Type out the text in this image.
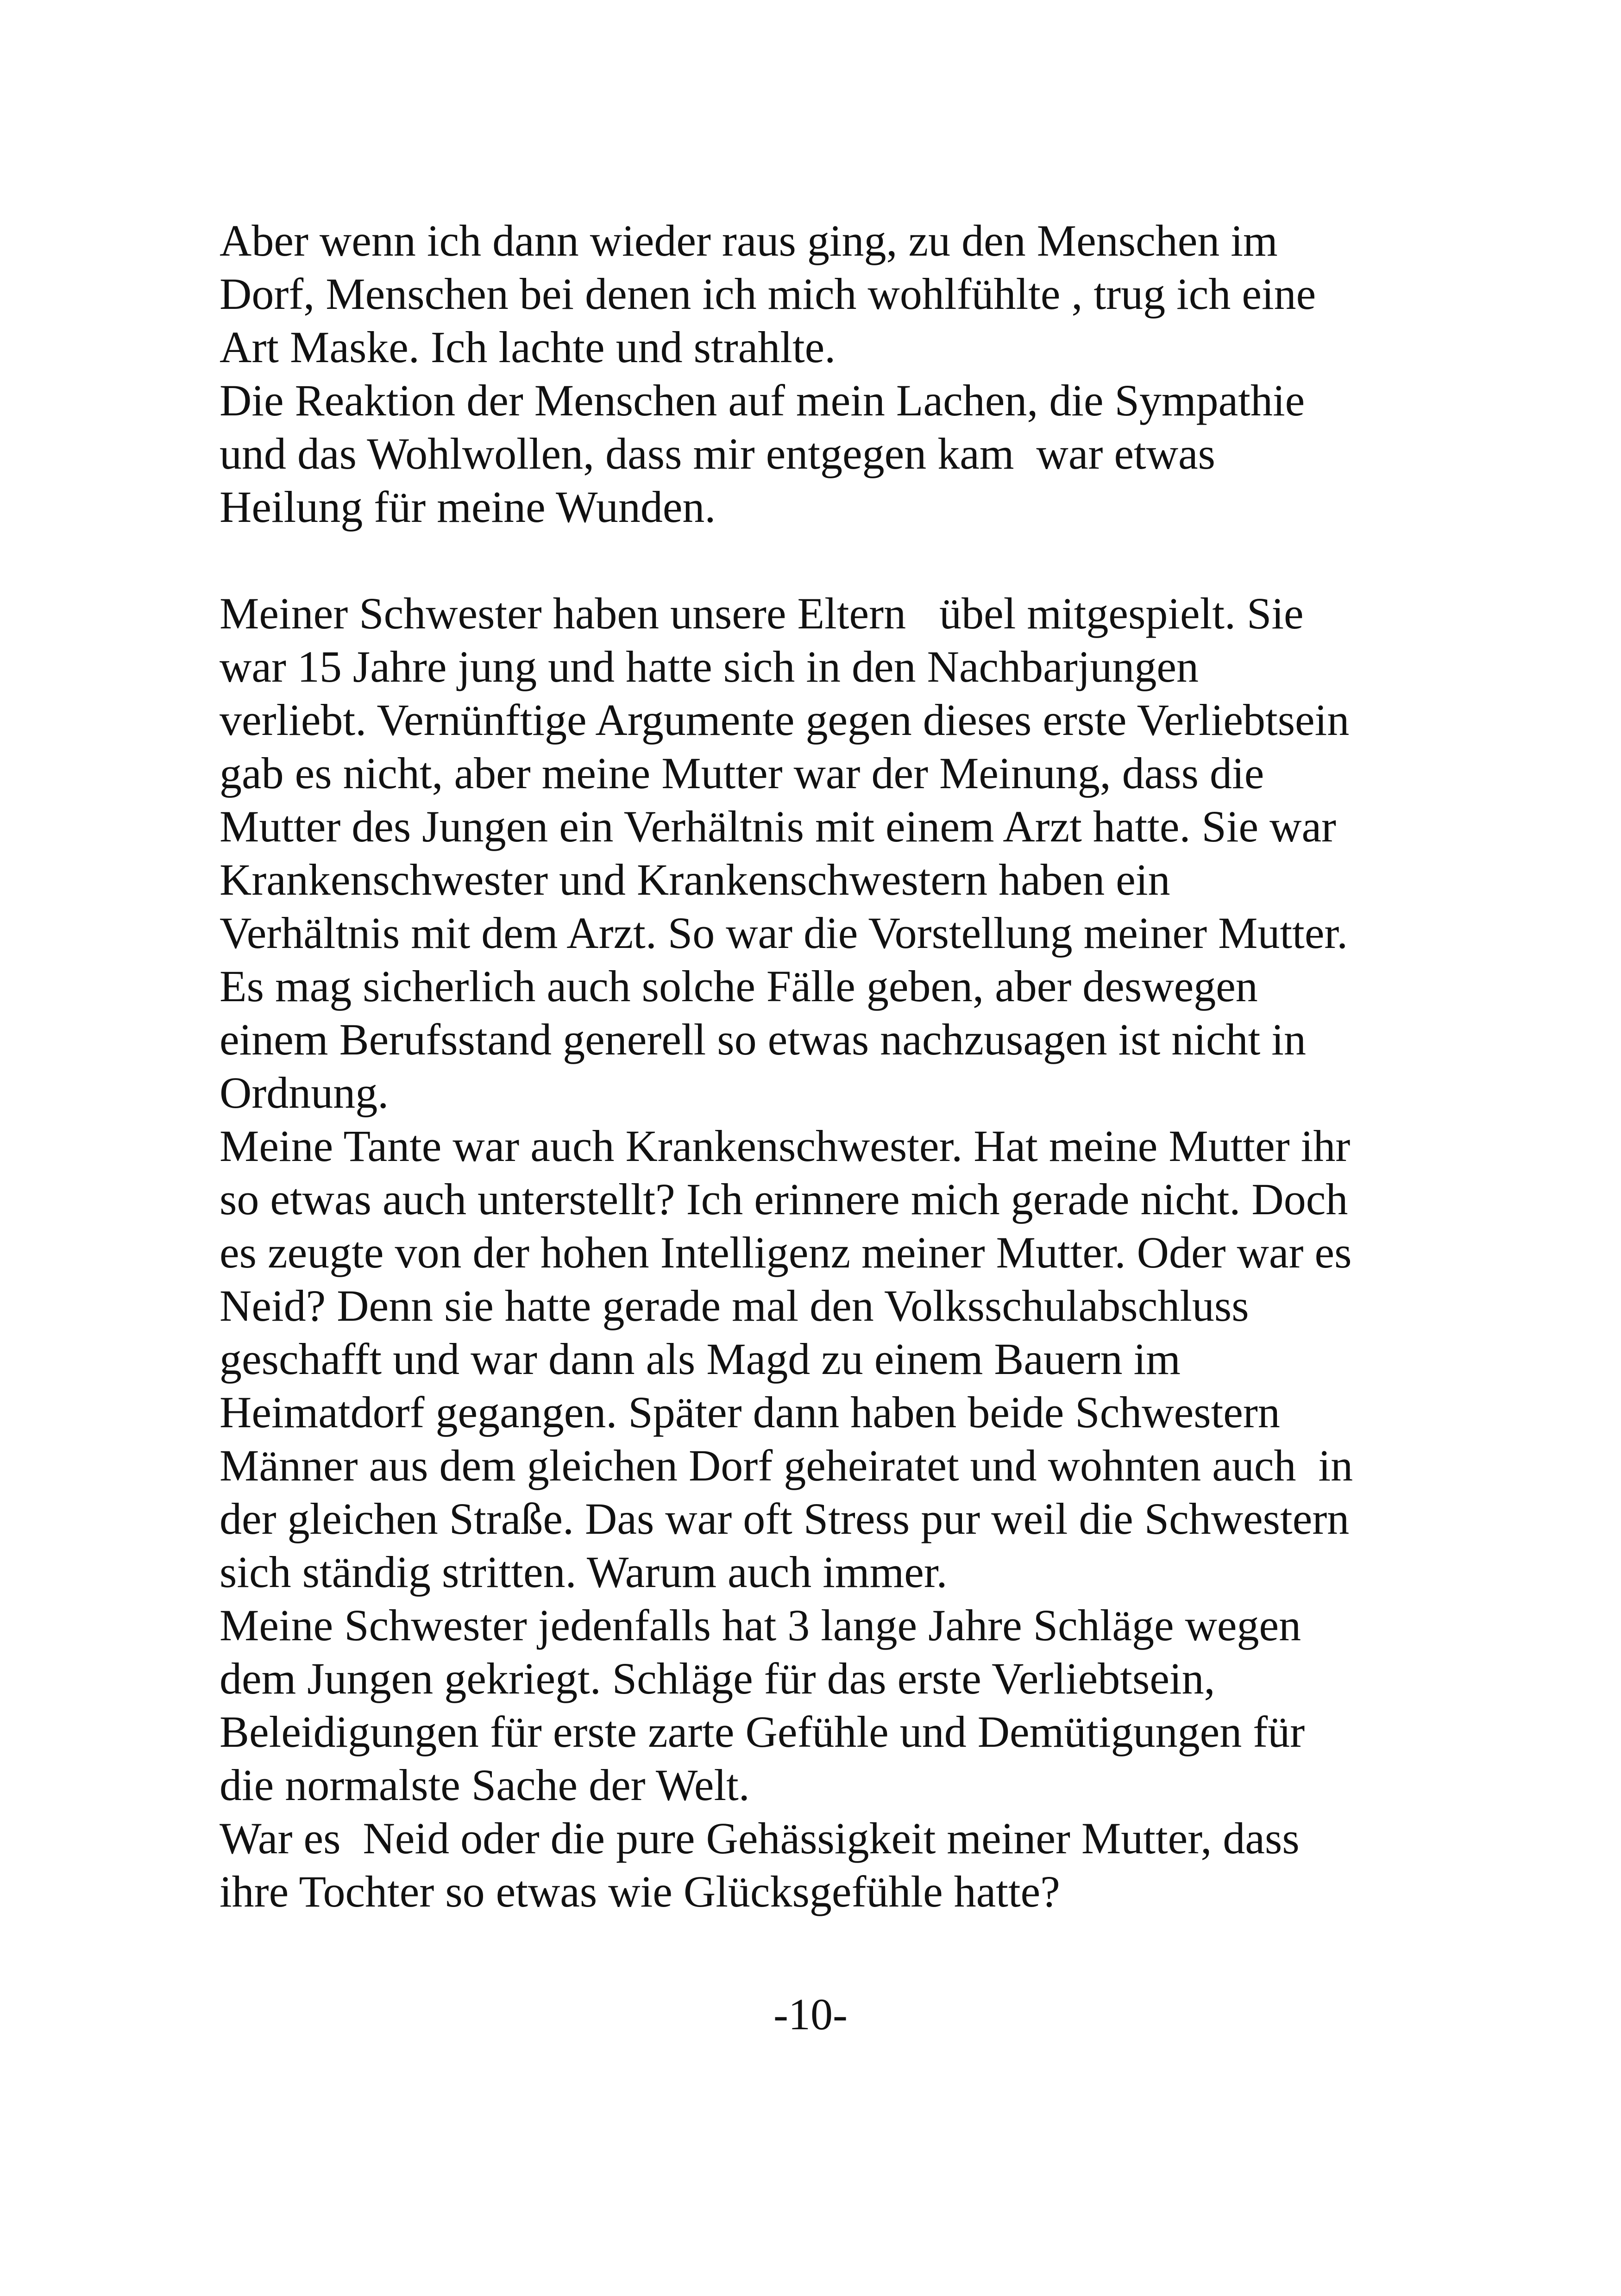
Aber wenn ich dann wieder raus ging, zu den Menschen im
Dorf, Menschen bei denen ich mich wohlfühlte , trug ich eine
Art Maske. Ich lachte und strahlte.
Die Reaktion der Menschen auf mein Lachen, die Sympathie
und das Wohlwollen, dass mir entgegen kam  war etwas
Heilung für meine Wunden.
Meiner Schwester haben unsere Eltern   übel mitgespielt. Sie
war 15 Jahre jung und hatte sich in den Nachbarjungen
verliebt. Vernünftige Argumente gegen dieses erste Verliebtsein
gab es nicht, aber meine Mutter war der Meinung, dass die
Mutter des Jungen ein Verhältnis mit einem Arzt hatte. Sie war
Krankenschwester und Krankenschwestern haben ein
Verhältnis mit dem Arzt. So war die Vorstellung meiner Mutter.
Es mag sicherlich auch solche Fälle geben, aber deswegen
einem Berufsstand generell so etwas nachzusagen ist nicht in
Ordnung.
Meine Tante war auch Krankenschwester. Hat meine Mutter ihr
so etwas auch unterstellt? Ich erinnere mich gerade nicht. Doch
es zeugte von der hohen Intelligenz meiner Mutter. Oder war es
Neid? Denn sie hatte gerade mal den Volksschulabschluss
geschafft und war dann als Magd zu einem Bauern im
Heimatdorf gegangen. Später dann haben beide Schwestern
Männer aus dem gleichen Dorf geheiratet und wohnten auch  in
der gleichen Straße. Das war oft Stress pur weil die Schwestern
sich ständig stritten. Warum auch immer.
Meine Schwester jedenfalls hat 3 lange Jahre Schläge wegen
dem Jungen gekriegt. Schläge für das erste Verliebtsein,
Beleidigungen für erste zarte Gefühle und Demütigungen für
die normalste Sache der Welt.
War es  Neid oder die pure Gehässigkeit meiner Mutter, dass
ihre Tochter so etwas wie Glücksgefühle hatte?
-10-
